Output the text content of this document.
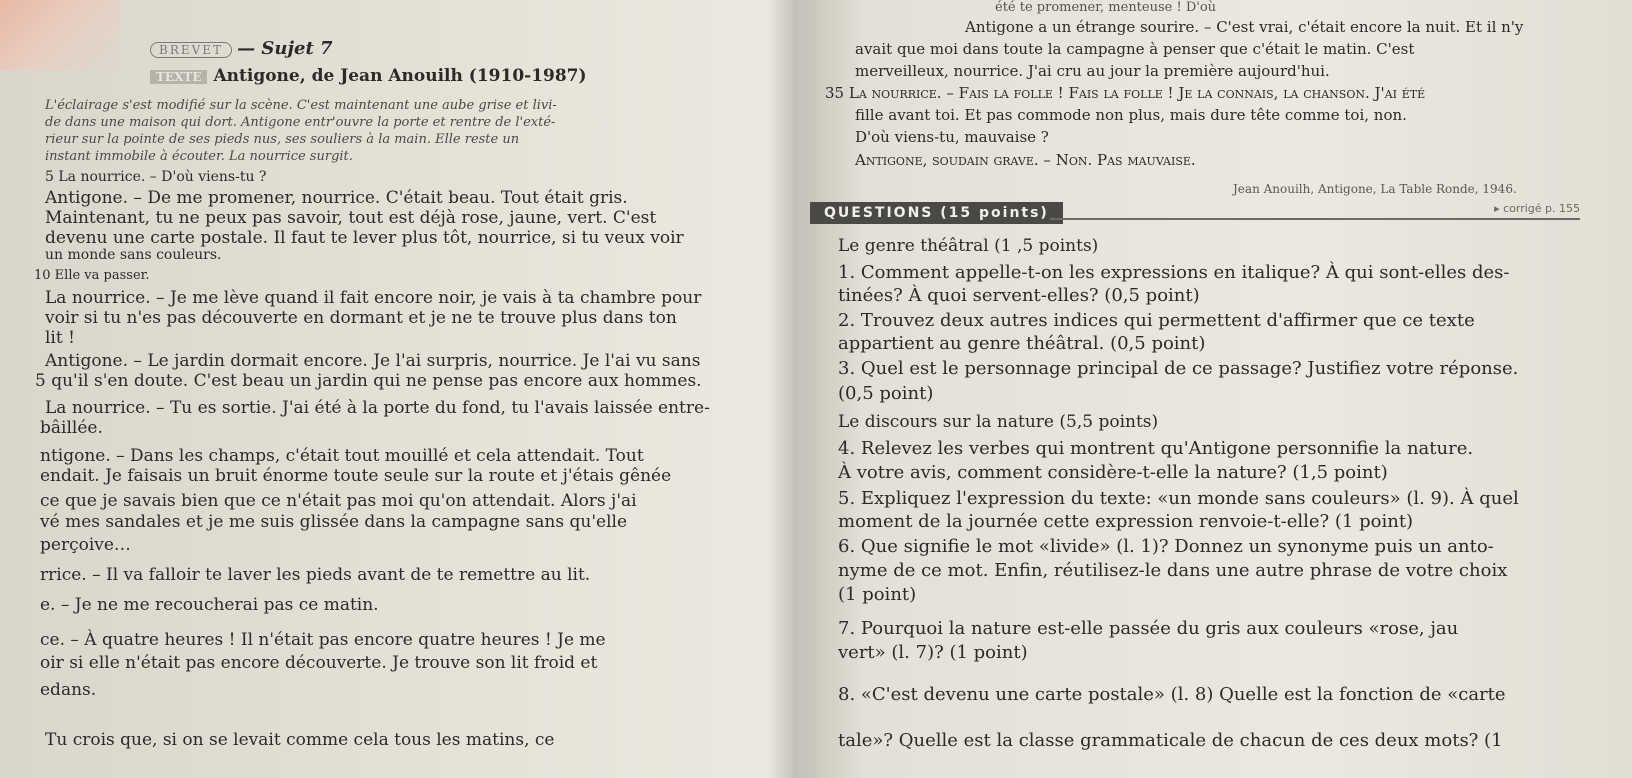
BREVET — Sujet 7
TEXTE Antigone, de Jean Anouilh (1910-1987)
L'éclairage s'est modifié sur la scène. C'est maintenant une aube grise et livi-
de dans une maison qui dort. Antigone entr'ouvre la porte et rentre de l'exté-
rieur sur la pointe de ses pieds nus, ses souliers à la main. Elle reste un
instant immobile à écouter. La nourrice surgit.
5 La nourrice. – D'où viens-tu ?
Antigone. – De me promener, nourrice. C'était beau. Tout était gris.
Maintenant, tu ne peux pas savoir, tout est déjà rose, jaune, vert. C'est
devenu une carte postale. Il faut te lever plus tôt, nourrice, si tu veux voir
un monde sans couleurs.
10 Elle va passer.
La nourrice. – Je me lève quand il fait encore noir, je vais à ta chambre pour
voir si tu n'es pas découverte en dormant et je ne te trouve plus dans ton
lit !
Antigone. – Le jardin dormait encore. Je l'ai surpris, nourrice. Je l'ai vu sans
5 qu'il s'en doute. C'est beau un jardin qui ne pense pas encore aux hommes.
La nourrice. – Tu es sortie. J'ai été à la porte du fond, tu l'avais laissée entre-
bâillée.
ntigone. – Dans les champs, c'était tout mouillé et cela attendait. Tout
endait. Je faisais un bruit énorme toute seule sur la route et j'étais gênée
ce que je savais bien que ce n'était pas moi qu'on attendait. Alors j'ai
vé mes sandales et je me suis glissée dans la campagne sans qu'elle
perçoive…
rrice. – Il va falloir te laver les pieds avant de te remettre au lit.
e. – Je ne me recoucherai pas ce matin.
ce. – À quatre heures ! Il n'était pas encore quatre heures ! Je me
oir si elle n'était pas encore découverte. Je trouve son lit froid et
edans.
Tu crois que, si on se levait comme cela tous les matins, ce
été te promener, menteuse ! D'où
Antigone a un étrange sourire. – C'est vrai, c'était encore la nuit. Et il n'y
avait que moi dans toute la campagne à penser que c'était le matin. C'est
merveilleux, nourrice. J'ai cru au jour la première aujourd'hui.
35 La nourrice. – Fais la folle ! Fais la folle ! Je la connais, la chanson. J'ai été
fille avant toi. Et pas commode non plus, mais dure tête comme toi, non.
D'où viens-tu, mauvaise ?
Antigone, soudain grave. – Non. Pas mauvaise.
Jean Anouilh, Antigone, La Table Ronde, 1946.
QUESTIONS (15 points)	▸ corrigé p. 155
Le genre théâtral (1 ,5 points)
1. Comment appelle-t-on les expressions en italique? À qui sont-elles des-
tinées? À quoi servent-elles? (0,5 point)
2. Trouvez deux autres indices qui permettent d'affirmer que ce texte
appartient au genre théâtral. (0,5 point)
3. Quel est le personnage principal de ce passage? Justifiez votre réponse.
(0,5 point)
Le discours sur la nature (5,5 points)
4. Relevez les verbes qui montrent qu'Antigone personnifie la nature.
À votre avis, comment considère-t-elle la nature? (1,5 point)
5. Expliquez l'expression du texte: «un monde sans couleurs» (l. 9). À quel
moment de la journée cette expression renvoie-t-elle? (1 point)
6. Que signifie le mot «livide» (l. 1)? Donnez un synonyme puis un anto-
nyme de ce mot. Enfin, réutilisez-le dans une autre phrase de votre choix
(1 point)
7. Pourquoi la nature est-elle passée du gris aux couleurs «rose, jau
vert» (l. 7)? (1 point)
8. «C'est devenu une carte postale» (l. 8) Quelle est la fonction de «carte
tale»? Quelle est la classe grammaticale de chacun de ces deux mots? (1
